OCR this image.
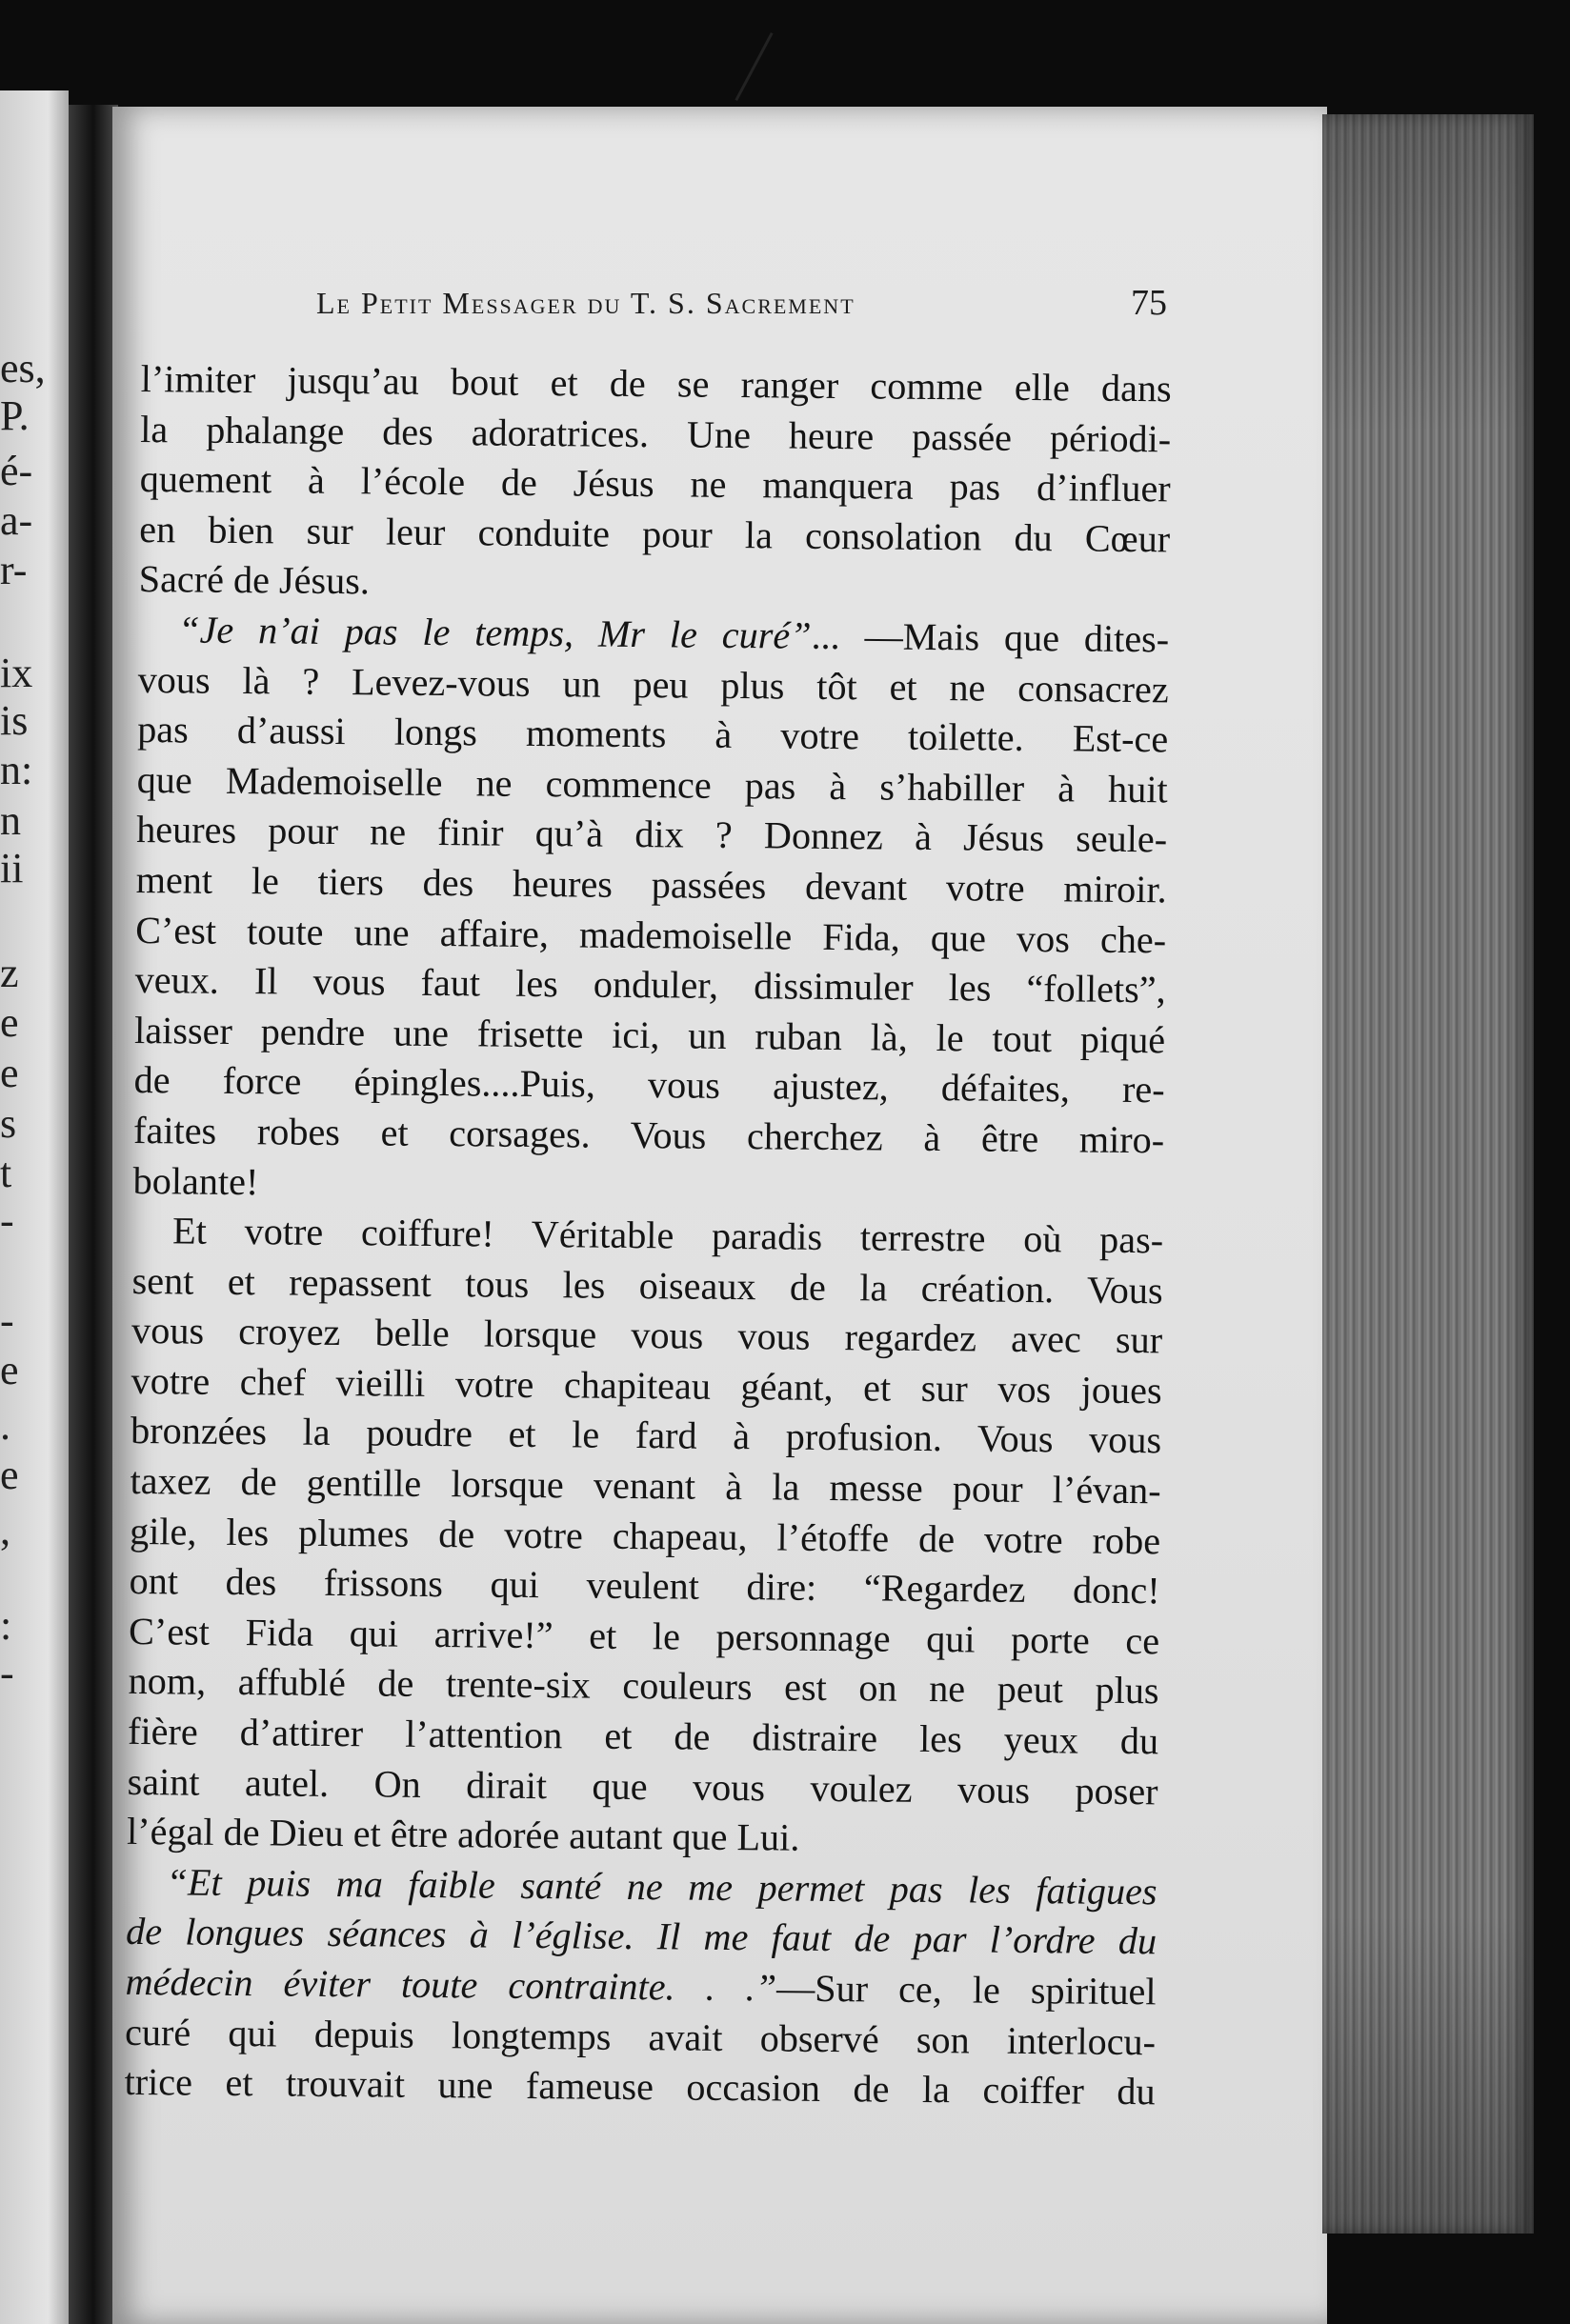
es,
P.
é-
a-
r-
ix
is
n:
n
ii
z
e
e
s
t
-
-
e
.
e
,
:
-
Le Petit Messager du T. S. Sacrement	75
l’imiter jusqu’au bout et de se ranger comme elle dans
la phalange des adoratrices. Une heure passée périodi-
quement à l’école de Jésus ne manquera pas d’influer
en bien sur leur conduite pour la consolation du Cœur
Sacré de Jésus.
“Je n’ai pas le temps, Mr le curé”... —Mais que dites-
vous là ? Levez-vous un peu plus tôt et ne consacrez
pas d’aussi longs moments à votre toilette. Est-ce
que Mademoiselle ne commence pas à s’habiller à huit
heures pour ne finir qu’à dix ? Donnez à Jésus seule-
ment le tiers des heures passées devant votre miroir.
C’est toute une affaire, mademoiselle Fida, que vos che-
veux. Il vous faut les onduler, dissimuler les “follets”,
laisser pendre une frisette ici, un ruban là, le tout piqué
de force épingles....Puis, vous ajustez, défaites, re-
faites robes et corsages. Vous cherchez à être miro-
bolante!
Et votre coiffure! Véritable paradis terrestre où pas-
sent et repassent tous les oiseaux de la création. Vous
vous croyez belle lorsque vous vous regardez avec sur
votre chef vieilli votre chapiteau géant, et sur vos joues
bronzées la poudre et le fard à profusion. Vous vous
taxez de gentille lorsque venant à la messe pour l’évan-
gile, les plumes de votre chapeau, l’étoffe de votre robe
ont des frissons qui veulent dire: “Regardez donc!
C’est Fida qui arrive!” et le personnage qui porte ce
nom, affublé de trente-six couleurs est on ne peut plus
fière d’attirer l’attention et de distraire les yeux du
saint autel. On dirait que vous voulez vous poser
l’égal de Dieu et être adorée autant que Lui.
“Et puis ma faible santé ne me permet pas les fatigues
de longues séances à l’église. Il me faut de par l’ordre du
médecin éviter toute contrainte. . .”—Sur ce, le spirituel
curé qui depuis longtemps avait observé son interlocu-
trice et trouvait une fameuse occasion de la coiffer du
